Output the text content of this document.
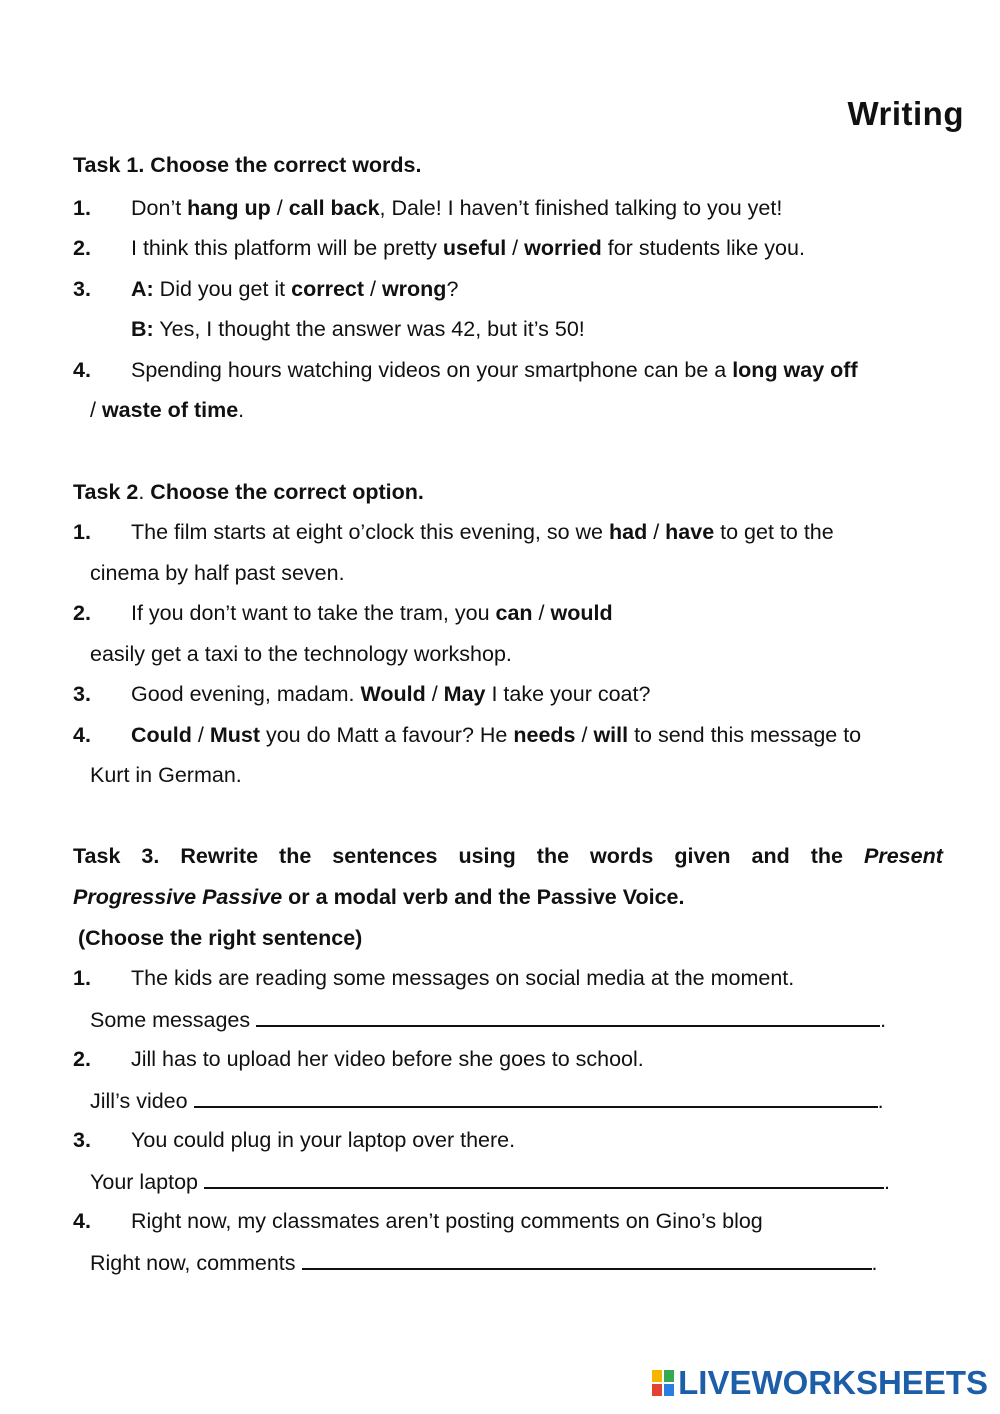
Writing
Task 1. Choose the correct words.
1. Don’t hang up / call back, Dale! I haven’t finished talking to you yet!
2. I think this platform will be pretty useful / worried for students like you.
3. A: Did you get it correct / wrong?
B: Yes, I thought the answer was 42, but it’s 50!
4. Spending hours watching videos on your smartphone can be a long way off
/ waste of time.
Task 2. Choose the correct option.
1. The film starts at eight o’clock this evening, so we had / have to get to the
cinema by half past seven.
2. If you don’t want to take the tram, you can / would
easily get a taxi to the technology workshop.
3. Good evening, madam. Would / May I take your coat?
4. Could / Must you do Matt a favour? He needs / will to send this message to
Kurt in German.
Task 3. Rewrite the sentences using the words given and the Present
Progressive Passive or a modal verb and the Passive Voice.
(Choose the right sentence)
1. The kids are reading some messages on social media at the moment.
Some messages	.
2. Jill has to upload her video before she goes to school.
Jill’s video	.
3. You could plug in your laptop over there.
Your laptop	.
4. Right now, my classmates aren’t posting comments on Gino’s blog
Right now, comments	.
LIVEWORKSHEETS
